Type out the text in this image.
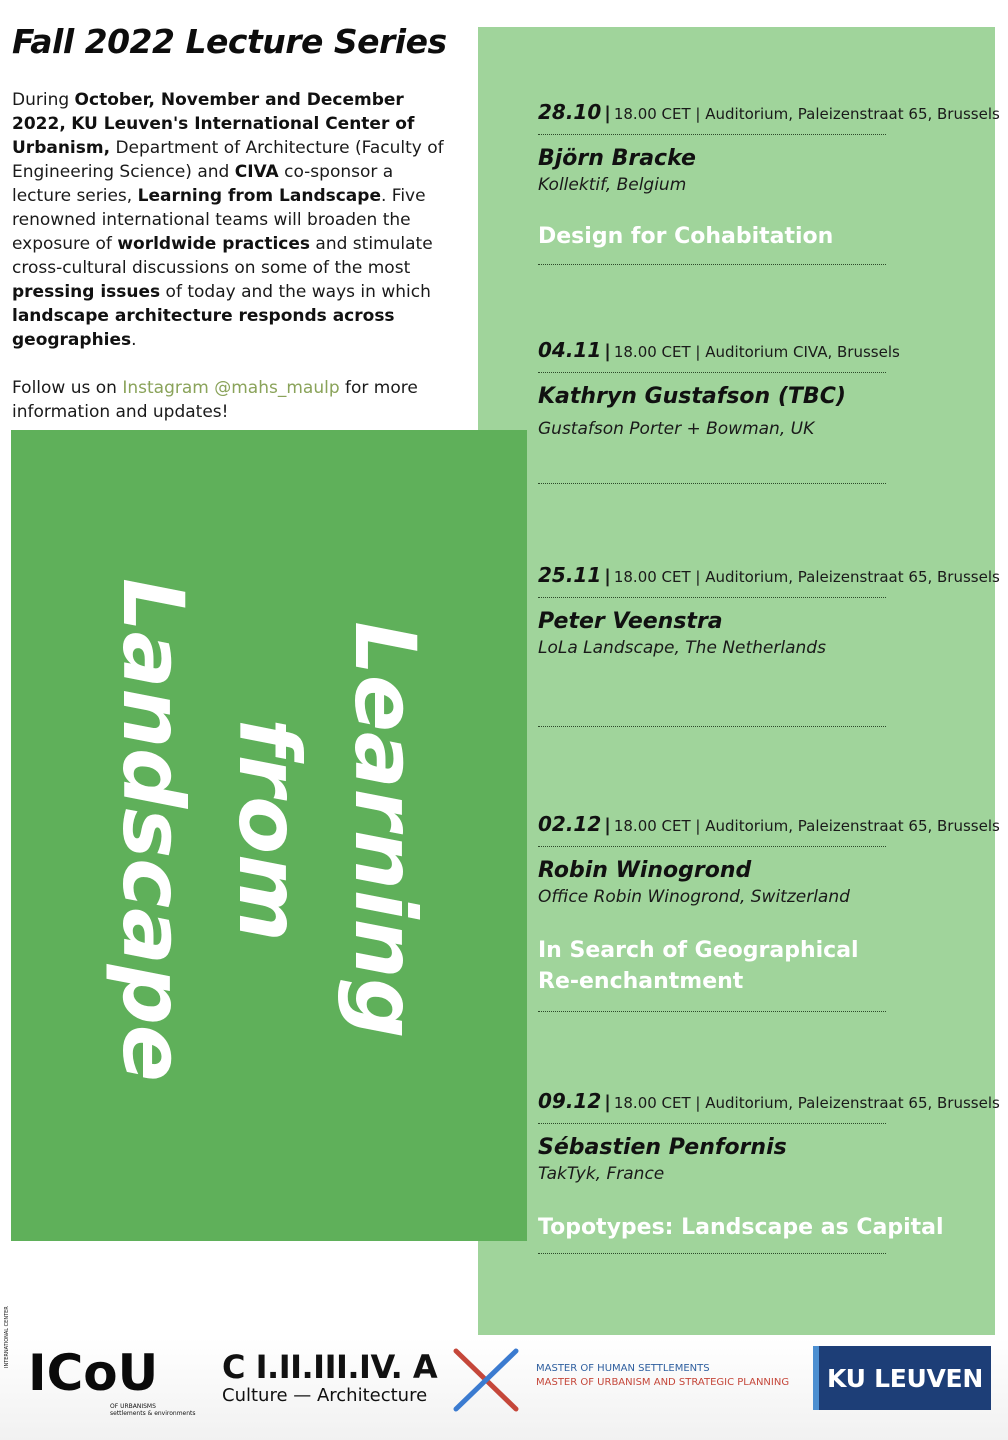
Fall 2022 Lecture Series

During October, November and December 2022, KU Leuven's International Center of Urbanism, Department of Architecture (Faculty of Engineering Science) and CIVA co-sponsor a lecture series, Learning from Landscape. Five renowned international teams will broaden the exposure of worldwide practices and stimulate cross-cultural discussions on some of the most pressing issues of today and the ways in which landscape architecture responds across geographies.

Follow us on Instagram @mahs_maulp for more information and updates!

Learning
from
Landscape
28.10 | 18.00 CET | Auditorium, Paleizenstraat 65, Brussels
Björn Bracke
Kollektif, Belgium
Design for Cohabitation
04.11 | 18.00 CET | Auditorium CIVA, Brussels
Kathryn Gustafson (TBC)
Gustafson Porter + Bowman, UK
25.11 | 18.00 CET | Auditorium, Paleizenstraat 65, Brussels
Peter Veenstra
LoLa Landscape, The Netherlands
02.12 | 18.00 CET | Auditorium, Paleizenstraat 65, Brussels
Robin Winogrond
Office Robin Winogrond, Switzerland
In Search of Geographical
Re-enchantment
09.12 | 18.00 CET | Auditorium, Paleizenstraat 65, Brussels
Sébastien Penfornis
TakTyk, France
Topotypes: Landscape as Capital
INTERNATIONAL CENTER
ICoU
OF URBANISMS
settlements & environments
C I.II.III.IV. A
Culture — Architecture
MASTER OF HUMAN SETTLEMENTS
MASTER OF URBANISM AND STRATEGIC PLANNING KU LEUVEN
